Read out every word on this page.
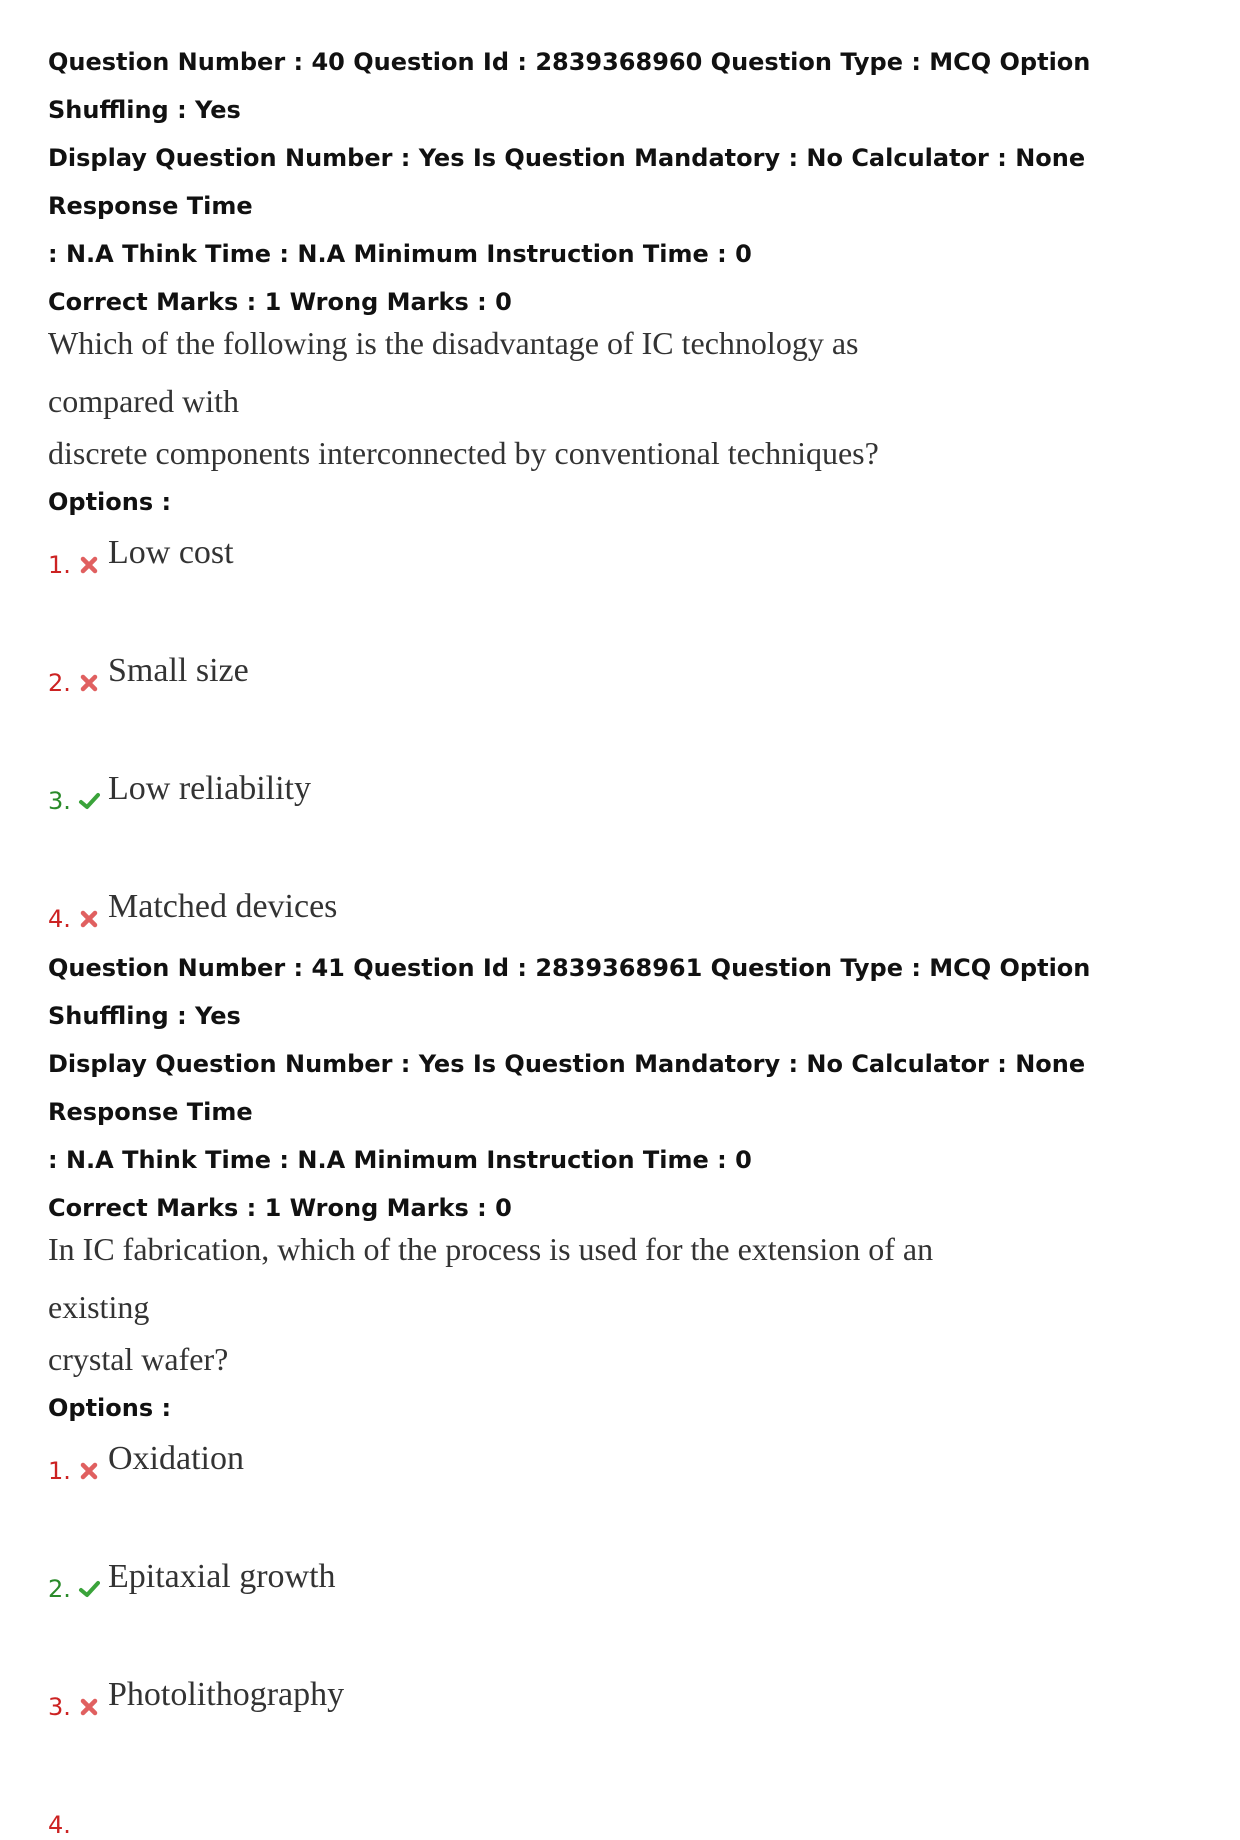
Question Number : 40 Question Id : 2839368960 Question Type : MCQ Option Shuffling : Yes
Display Question Number : Yes Is Question Mandatory : No Calculator : None Response Time
: N.A Think Time : N.A Minimum Instruction Time : 0
Correct Marks : 1 Wrong Marks : 0
Which of the following is the disadvantage of IC technology as compared with
discrete components interconnected by conventional techniques?
Options :
1. Low cost
2. Small size
3. Low reliability
4. Matched devices
Question Number : 41 Question Id : 2839368961 Question Type : MCQ Option Shuffling : Yes
Display Question Number : Yes Is Question Mandatory : No Calculator : None Response Time
: N.A Think Time : N.A Minimum Instruction Time : 0
Correct Marks : 1 Wrong Marks : 0
In IC fabrication, which of the process is used for the extension of an existing
crystal wafer?
Options :
1. Oxidation
2. Epitaxial growth
3. Photolithography
4.
